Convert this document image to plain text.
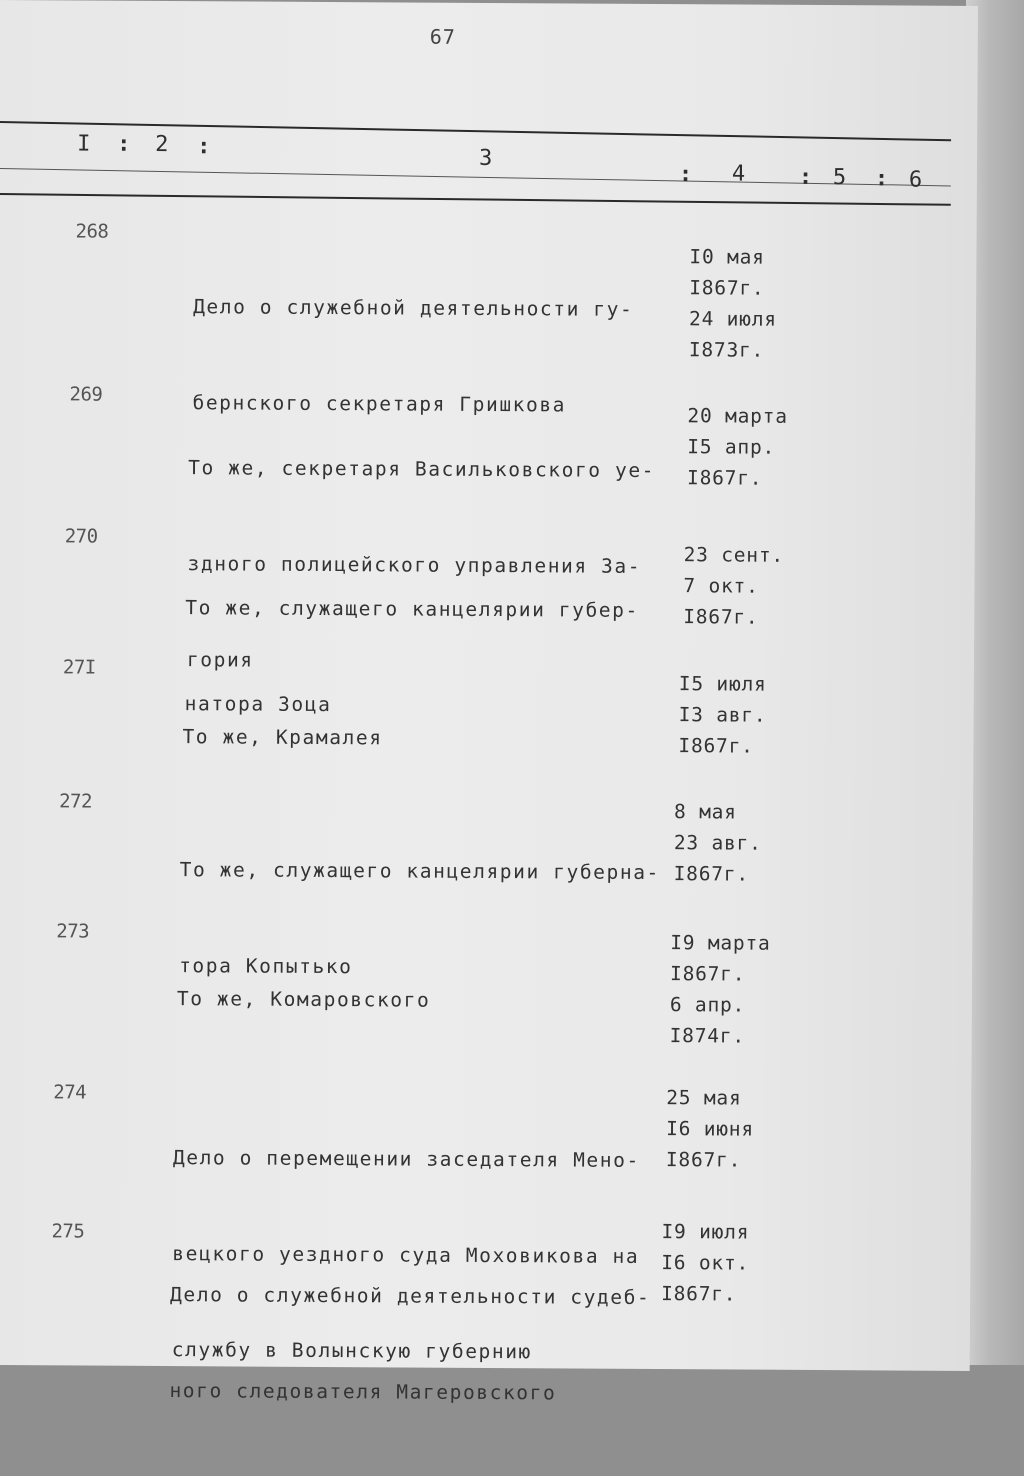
67
I : 2 :	3
: 4 : 5 : 6
268

Дело о служебной деятельности гу-

бернского секретаря Гришкова

I0 мая
I867г.
24 июля
I873г.
269

То же, секретаря Васильковского уе-

здного полицейского управления За-

гория

20 марта
I5 апр.
I867г.
270

То же, служащего канцелярии губер-

натора Зоца

23 сент.
7 окт.
I867г.
27I

То же, Крамалея

I5 июля
I3 авг.
I867г.
272

То же, служащего канцелярии губерна-

тора Копытько

8 мая
23 авг.
I867г.
273

То же, Комаровского

I9 марта
I867г.
6 апр.
I874г.
274

Дело о перемещении заседателя Мено-

вецкого уездного суда Моховикова на

службу в Волынскую губернию

25 мая
I6 июня
I867г.
275

Дело о служебной деятельности судеб-

ного следователя Магеровского

I9 июля
I6 окт.
I867г.
